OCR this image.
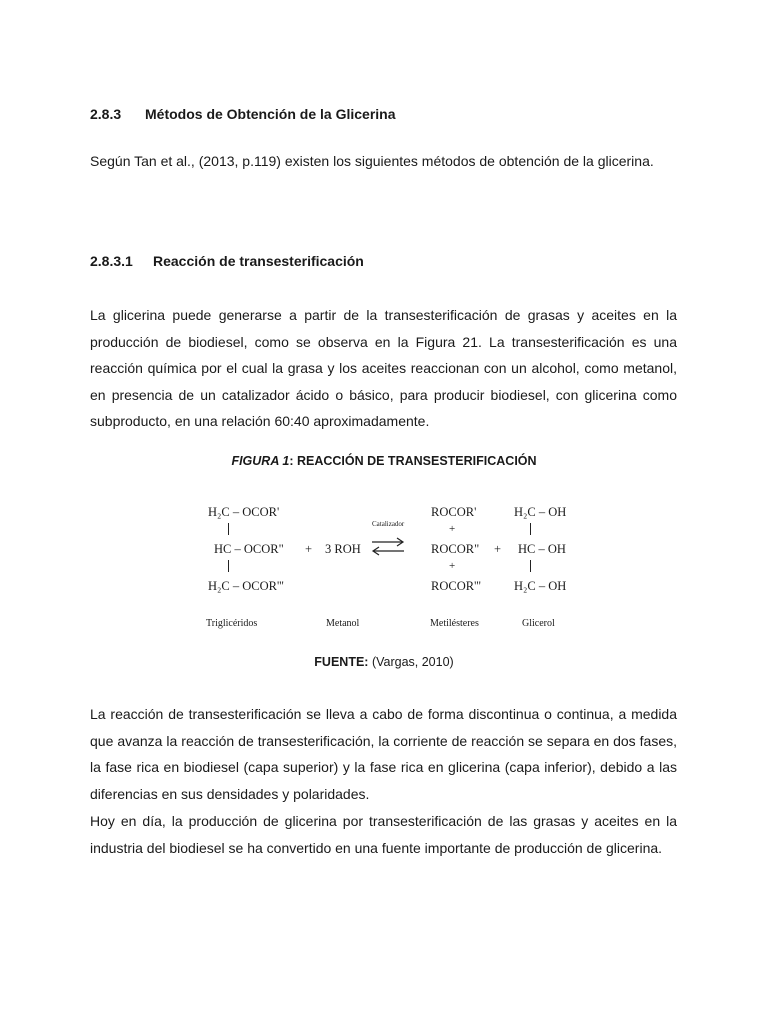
2.8.3 Métodos de Obtención de la Glicerina

Según Tan et al., (2013, p.119) existen los siguientes métodos de obtención de la glicerina.

2.8.3.1 Reacción de transesterificación

La glicerina puede generarse a partir de la transesterificación de grasas y aceites en la producción de biodiesel, como se observa en la Figura 21. La transesterificación es una reacción química por el cual la grasa y los aceites reaccionan con un alcohol, como metanol, en presencia de un catalizador ácido o básico, para producir biodiesel, con glicerina como subproducto, en una relación 60:40 aproximadamente.

FIGURA 1: REACCIÓN DE TRANSESTERIFICACIÓN
H₂C – OCOR'
HC – OCOR"
H₂C – OCOR'''
+ 3 ROH
Catalizador
ROCOR'
+
ROCOR"
+
ROCOR'''
+
H₂C – OH
HC – OH
H₂C – OH
Triglicéridos	Metanol	Metilésteres	Glicerol
FUENTE: (Vargas, 2010)

La reacción de transesterificación se lleva a cabo de forma discontinua o continua, a medida que avanza la reacción de transesterificación, la corriente de reacción se separa en dos fases, la fase rica en biodiesel (capa superior) y la fase rica en glicerina (capa inferior), debido a las diferencias en sus densidades y polaridades.

Hoy en día, la producción de glicerina por transesterificación de las grasas y aceites en la industria del biodiesel se ha convertido en una fuente importante de producción de glicerina.
